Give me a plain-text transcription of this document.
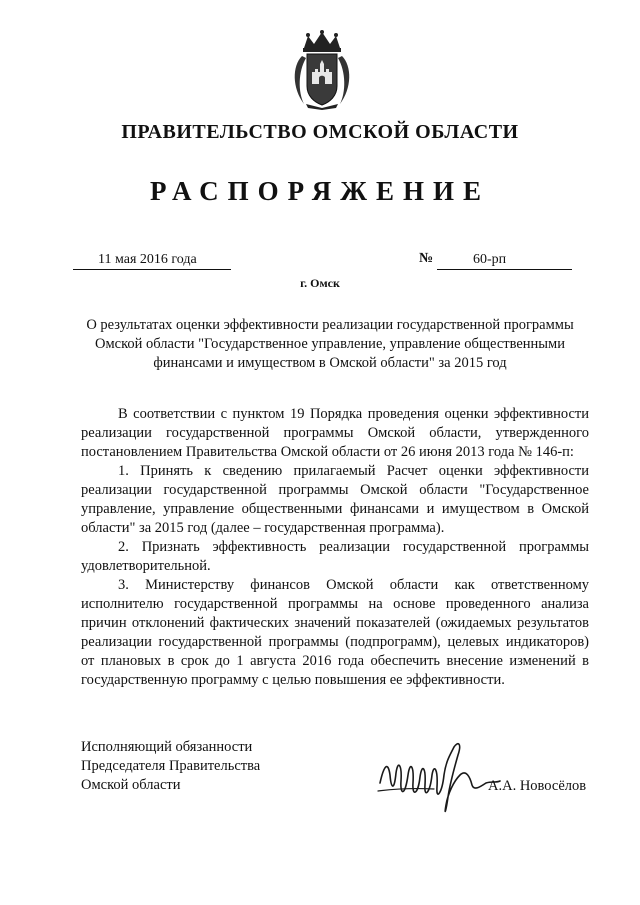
ПРАВИТЕЛЬСТВО ОМСКОЙ ОБЛАСТИ
РАСПОРЯЖЕНИЕ
11 мая 2016 года	№	60-рп
г. Омск
О результатах оценки эффективности реализации государственной программы Омской области "Государственное управление, управление общественными финансами и имуществом в Омской области" за 2015 год

В соответствии с пунктом 19 Порядка проведения оценки эффективности реализации государственной программы Омской области, утвержденного постановлением Правительства Омской области от 26 июня 2013 года № 146-п:

1. Принять к сведению прилагаемый Расчет оценки эффективности реализации государственной программы Омской области "Государственное управление, управление общественными финансами и имуществом в Омской области" за 2015 год (далее – государственная программа).

2. Признать эффективность реализации государственной программы удовлетворительной.

3. Министерству финансов Омской области как ответственному исполнителю государственной программы на основе проведенного анализа причин отклонений фактических значений показателей (ожидаемых результатов реализации государственной программы (подпрограмм), целевых индикаторов) от плановых в срок до 1 августа 2016 года обеспечить внесение изменений в государственную программу с целью повышения ее эффективности.

Исполняющий обязанности
Председателя Правительства
Омской области	А.А. Новосёлов
